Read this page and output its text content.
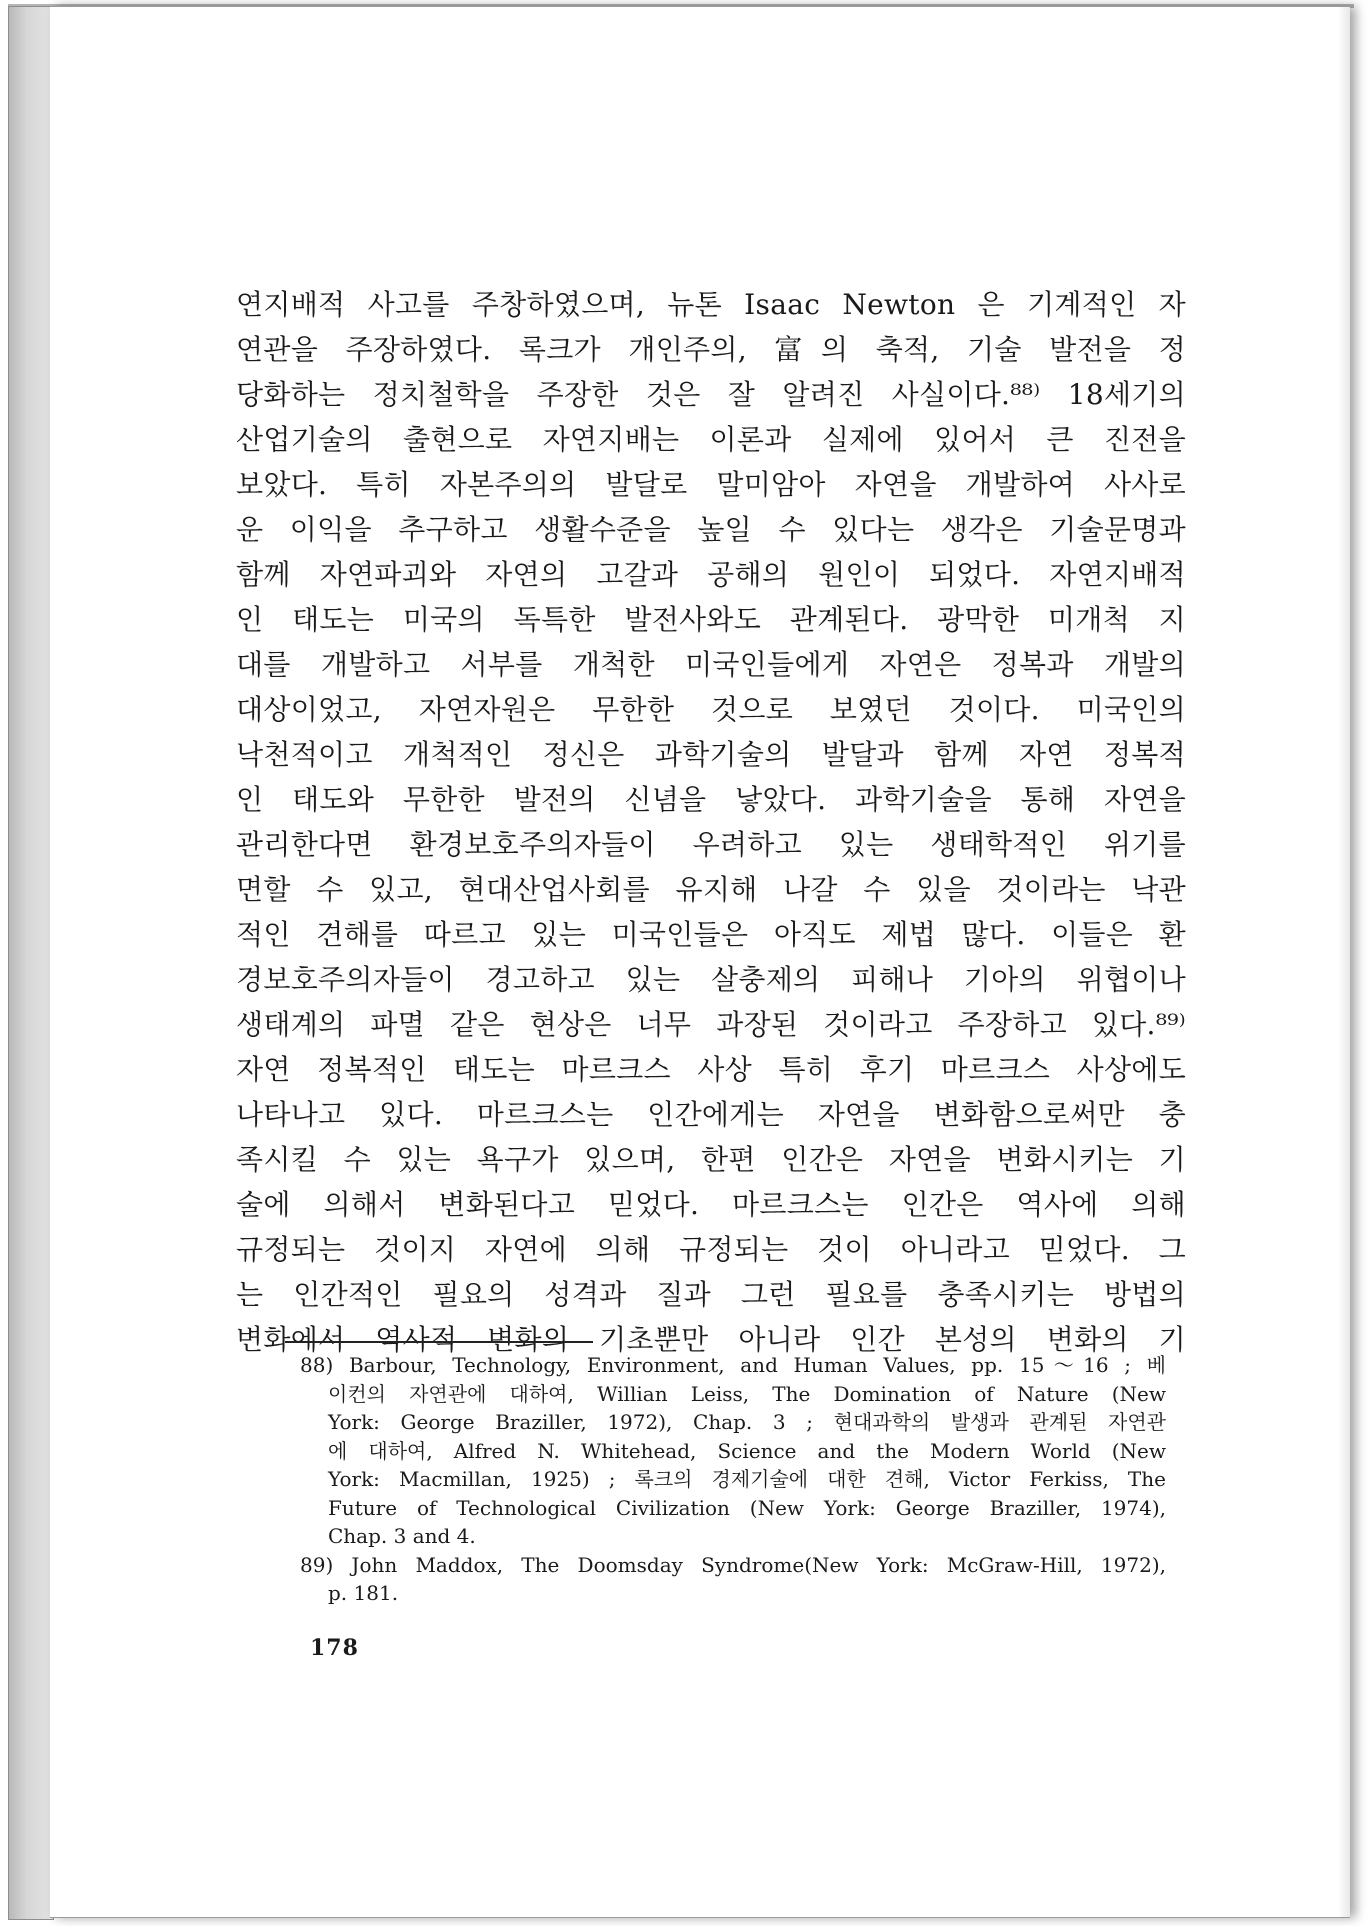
연지배적 사고를 주창하였으며, 뉴톤 Isaac Newton 은 기계적인 자
연관을 주장하였다. 록크가 개인주의, 富의 축적, 기술 발전을 정
당화하는 정치철학을 주장한 것은 잘 알려진 사실이다.⁸⁸⁾ 18세기의
산업기술의 출현으로 자연지배는 이론과 실제에 있어서 큰 진전을
보았다. 특히 자본주의의 발달로 말미암아 자연을 개발하여 사사로
운 이익을 추구하고 생활수준을 높일 수 있다는 생각은 기술문명과
함께 자연파괴와 자연의 고갈과 공해의 원인이 되었다. 자연지배적
인 태도는 미국의 독특한 발전사와도 관계된다. 광막한 미개척 지
대를 개발하고 서부를 개척한 미국인들에게 자연은 정복과 개발의
대상이었고, 자연자원은 무한한 것으로 보였던 것이다. 미국인의
낙천적이고 개척적인 정신은 과학기술의 발달과 함께 자연 정복적
인 태도와 무한한 발전의 신념을 낳았다. 과학기술을 통해 자연을
관리한다면 환경보호주의자들이 우려하고 있는 생태학적인 위기를
면할 수 있고, 현대산업사회를 유지해 나갈 수 있을 것이라는 낙관
적인 견해를 따르고 있는 미국인들은 아직도 제법 많다. 이들은 환
경보호주의자들이 경고하고 있는 살충제의 피해나 기아의 위협이나
생태계의 파멸 같은 현상은 너무 과장된 것이라고 주장하고 있다.⁸⁹⁾
자연 정복적인 태도는 마르크스 사상 특히 후기 마르크스 사상에도
나타나고 있다. 마르크스는 인간에게는 자연을 변화함으로써만 충
족시킬 수 있는 욕구가 있으며, 한편 인간은 자연을 변화시키는 기
술에 의해서 변화된다고 믿었다. 마르크스는 인간은 역사에 의해
규정되는 것이지 자연에 의해 규정되는 것이 아니라고 믿었다. 그
는 인간적인 필요의 성격과 질과 그런 필요를 충족시키는 방법의
변화에서 역사적 변화의 기초뿐만 아니라 인간 본성의 변화의 기
88) Barbour, Technology, Environment, and Human Values, pp. 15～16 ; 베
이컨의 자연관에 대하여, Willian Leiss, The Domination of Nature (New
York: George Braziller, 1972), Chap. 3 ; 현대과학의 발생과 관계된 자연관
에 대하여, Alfred N. Whitehead, Science and the Modern World (New
York: Macmillan, 1925) ; 록크의 경제기술에 대한 견해, Victor Ferkiss, The
Future of Technological Civilization (New York: George Braziller, 1974),
Chap. 3 and 4.
89) John Maddox, The Doomsday Syndrome(New York: McGraw-Hill, 1972),
p. 181.
178
